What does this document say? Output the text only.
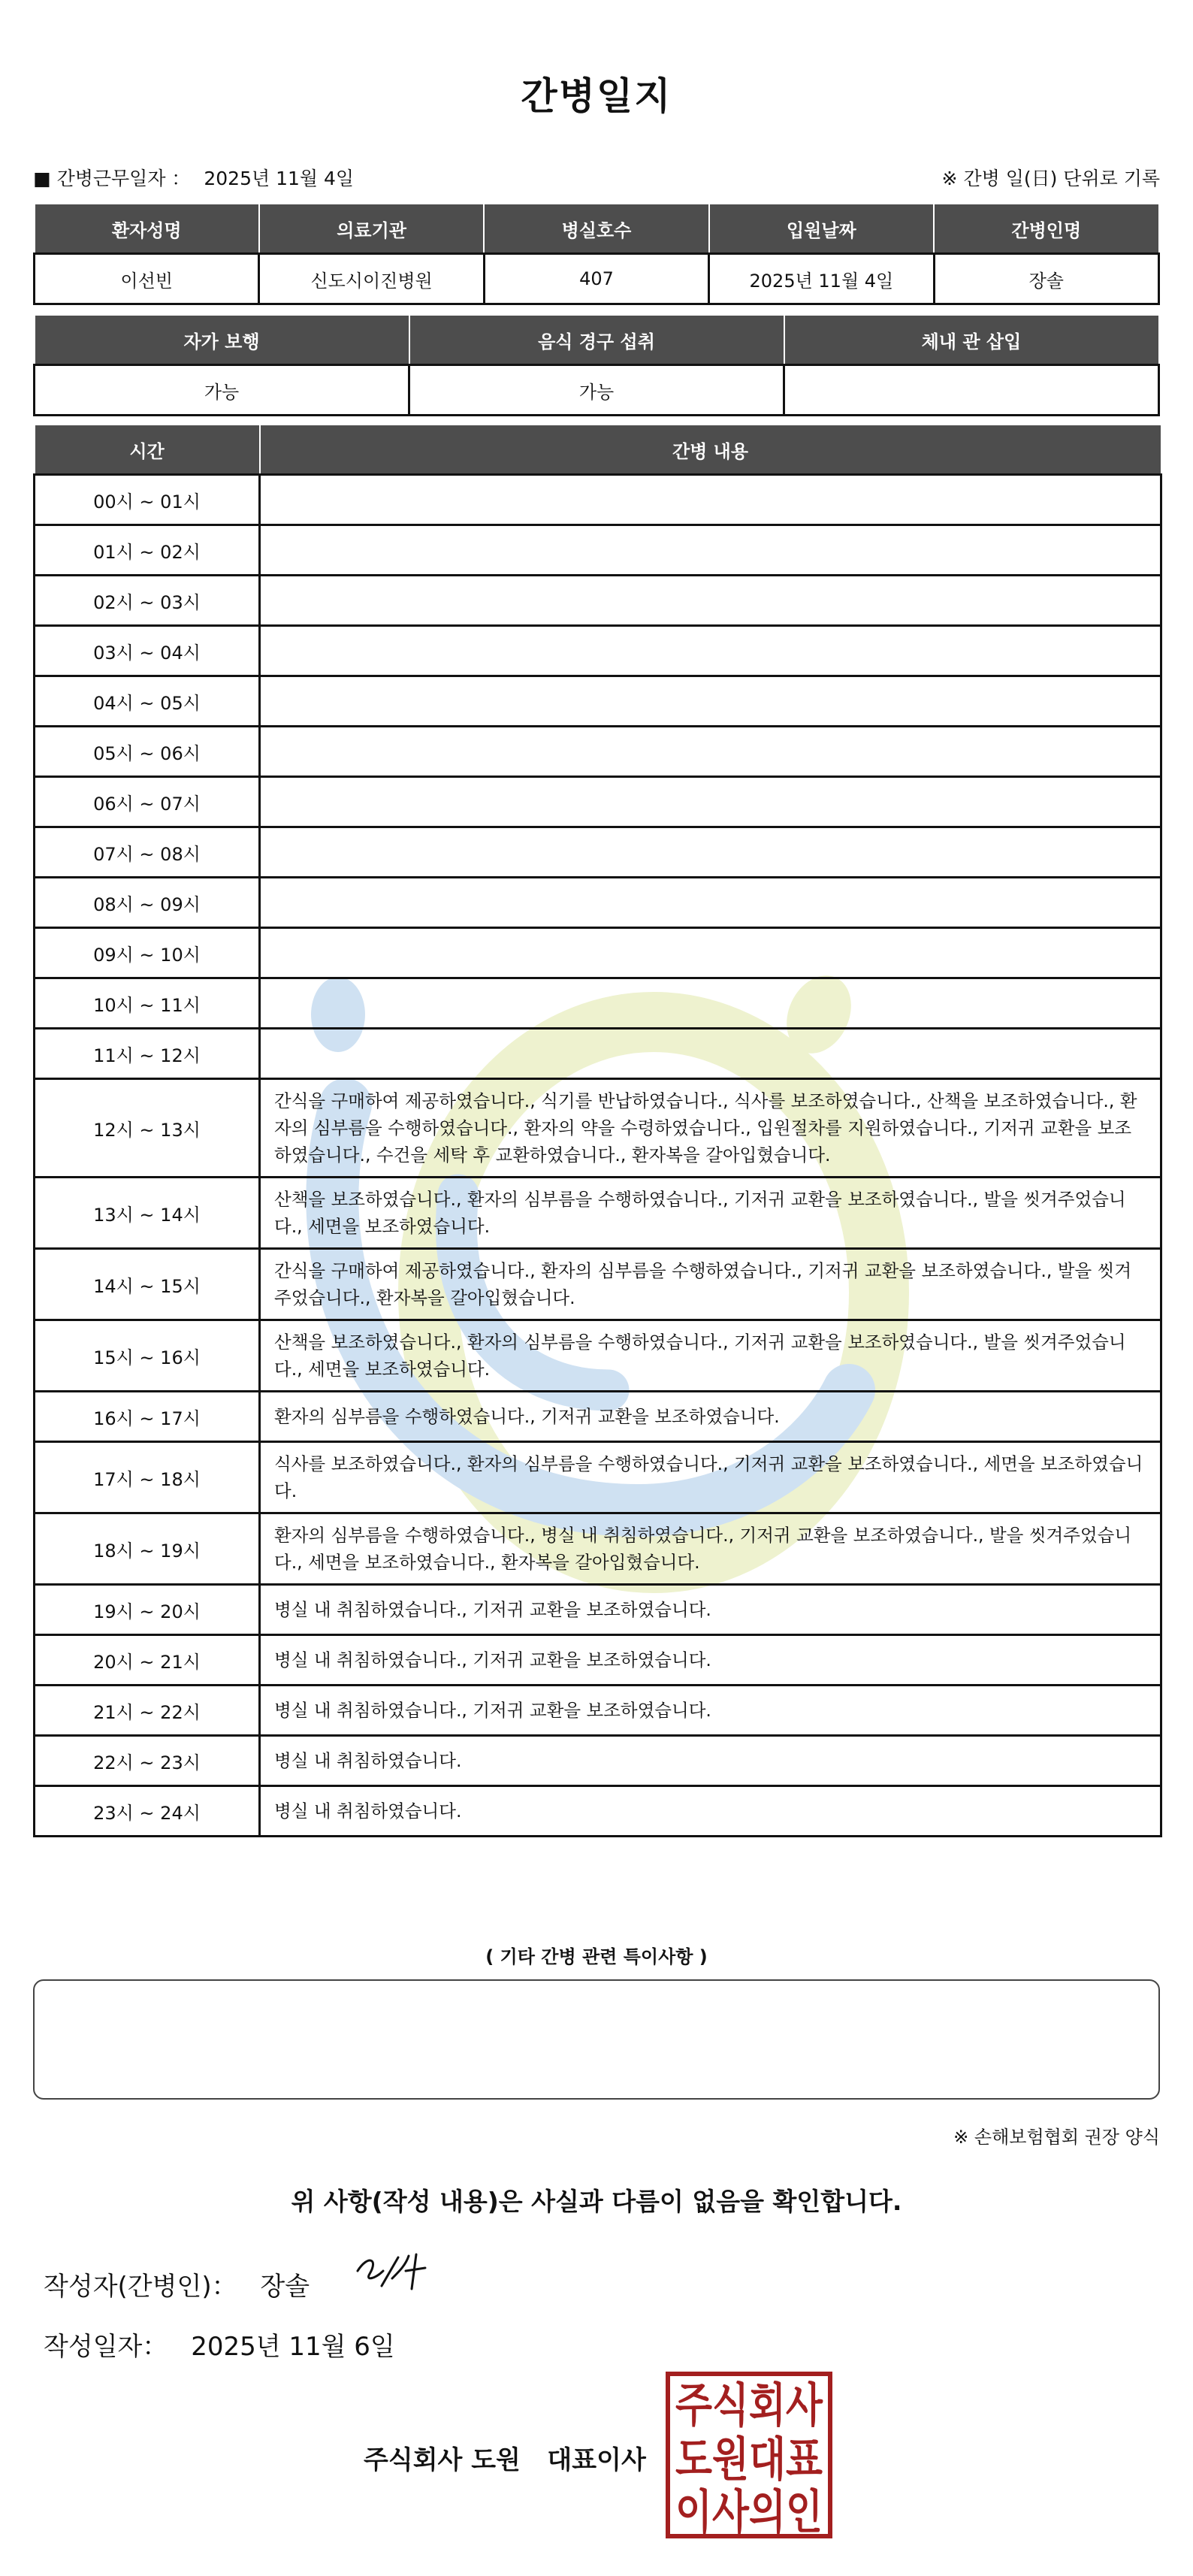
간병일지
■ 간병근무일자 ： 2025년 11월 4일	※ 간병 일(日) 단위로 기록
환자성명	의료기관	병실호수	입원날짜	간병인명
이선빈	신도시이진병원	407	2025년 11월 4일	장솔
자가 보행	음식 경구 섭취	체내 관 삽입
가능	가능	
시간	간병 내용
00시 ~ 01시	
01시 ~ 02시	
02시 ~ 03시	
03시 ~ 04시	
04시 ~ 05시	
05시 ~ 06시	
06시 ~ 07시	
07시 ~ 08시	
08시 ~ 09시	
09시 ~ 10시	
10시 ~ 11시	
11시 ~ 12시	
12시 ~ 13시	간식을 구매하여 제공하였습니다., 식기를 반납하였습니다., 식사를 보조하였습니다., 산책을 보조하였습니다., 환자의 심부름을 수행하였습니다., 환자의 약을 수령하였습니다., 입원절차를 지원하였습니다., 기저귀 교환을 보조하였습니다., 수건을 세탁 후 교환하였습니다., 환자복을 갈아입혔습니다.
13시 ~ 14시	산책을 보조하였습니다., 환자의 심부름을 수행하였습니다., 기저귀 교환을 보조하였습니다., 발을 씻겨주었습니다., 세면을 보조하였습니다.
14시 ~ 15시	간식을 구매하여 제공하였습니다., 환자의 심부름을 수행하였습니다., 기저귀 교환을 보조하였습니다., 발을 씻겨주었습니다., 환자복을 갈아입혔습니다.
15시 ~ 16시	산책을 보조하였습니다., 환자의 심부름을 수행하였습니다., 기저귀 교환을 보조하였습니다., 발을 씻겨주었습니다., 세면을 보조하였습니다.
16시 ~ 17시	환자의 심부름을 수행하였습니다., 기저귀 교환을 보조하였습니다.
17시 ~ 18시	식사를 보조하였습니다., 환자의 심부름을 수행하였습니다., 기저귀 교환을 보조하였습니다., 세면을 보조하였습니다.
18시 ~ 19시	환자의 심부름을 수행하였습니다., 병실 내 취침하였습니다., 기저귀 교환을 보조하였습니다., 발을 씻겨주었습니다., 세면을 보조하였습니다., 환자복을 갈아입혔습니다.
19시 ~ 20시	병실 내 취침하였습니다., 기저귀 교환을 보조하였습니다.
20시 ~ 21시	병실 내 취침하였습니다., 기저귀 교환을 보조하였습니다.
21시 ~ 22시	병실 내 취침하였습니다., 기저귀 교환을 보조하였습니다.
22시 ~ 23시	병실 내 취침하였습니다.
23시 ~ 24시	병실 내 취침하였습니다.
( 기타 간병 관련 특이사항 )
※ 손해보험협회 권장 양식
위 사항(작성 내용)은 사실과 다름이 없음을 확인합니다.
작성자(간병인)： 장솔
작성일자： 2025년 11월 6일
주식회사 도원   대표이사
주식회사
도원대표
이사의인
